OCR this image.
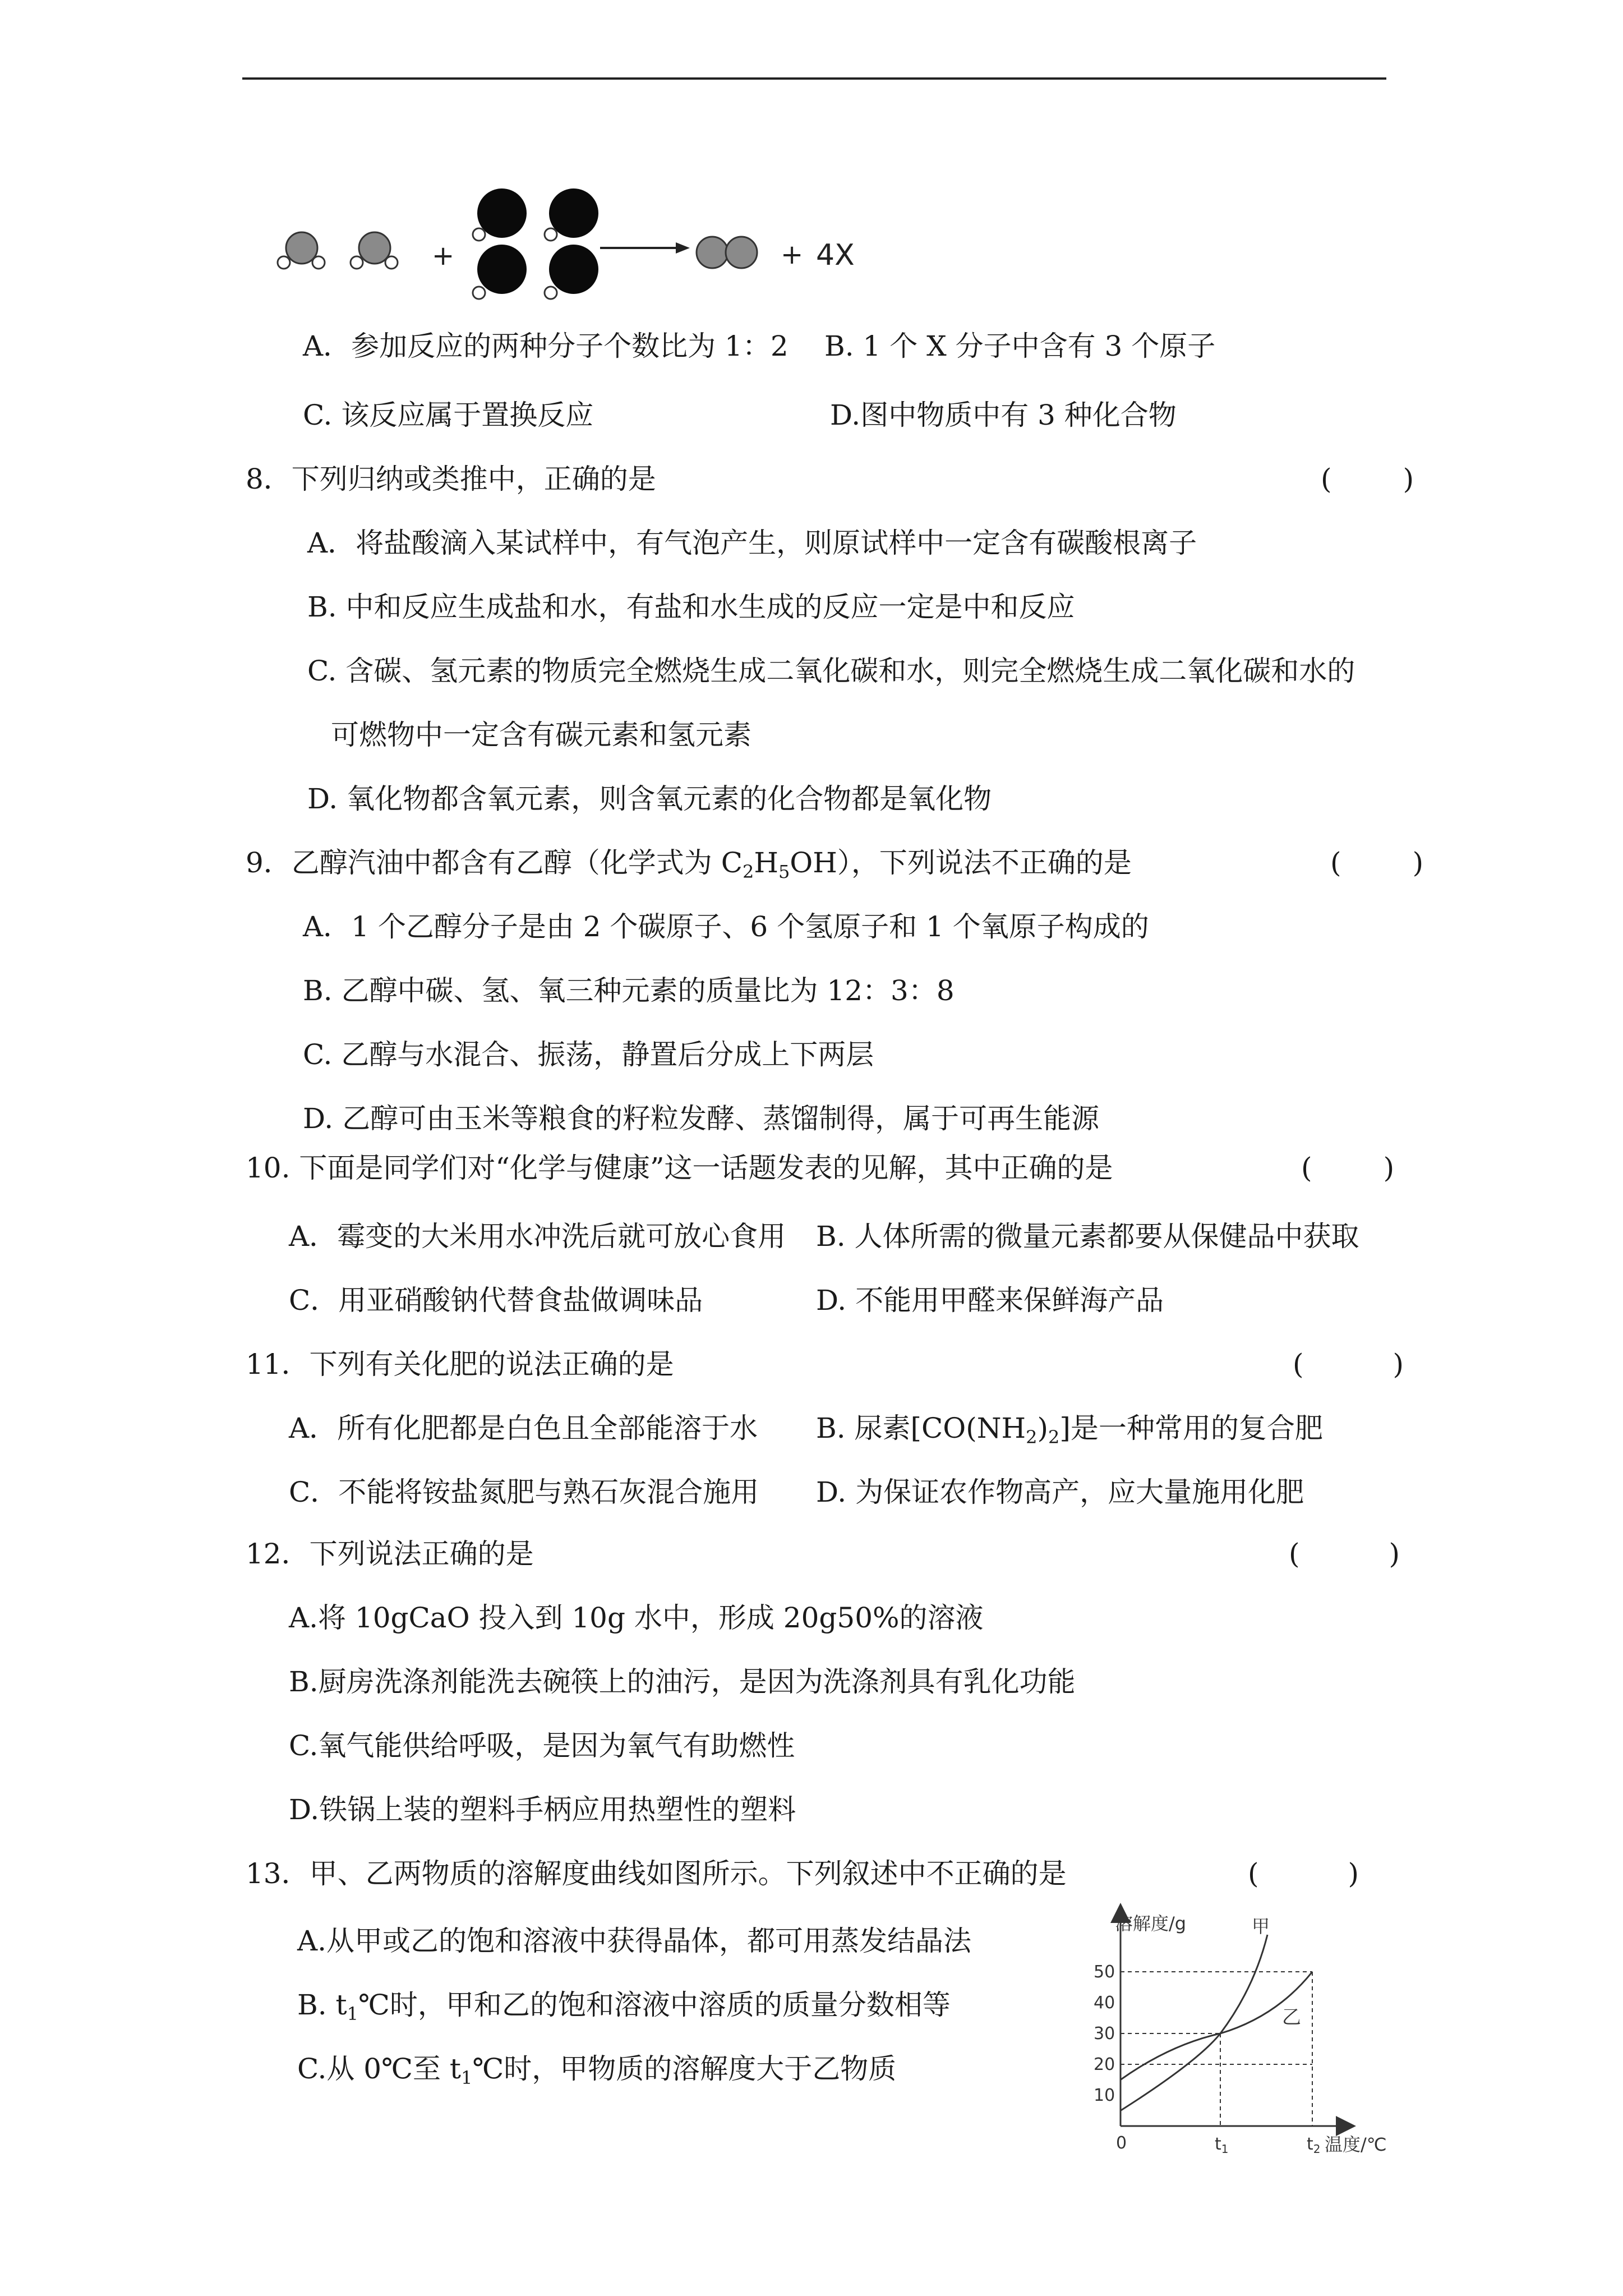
+	+ 4X
A．参加反应的两种分子个数比为 1：2 B. 1 个 X 分子中含有 3 个原子
C. 该反应属于置换反应	D.图中物质中有 3 种化合物
8．下列归纳或类推中，正确的是	(        )
A．将盐酸滴入某试样中，有气泡产生，则原试样中一定含有碳酸根离子
B. 中和反应生成盐和水，有盐和水生成的反应一定是中和反应
C. 含碳、氢元素的物质完全燃烧生成二氧化碳和水，则完全燃烧生成二氧化碳和水的
可燃物中一定含有碳元素和氢元素
D. 氧化物都含氧元素，则含氧元素的化合物都是氧化物
9．乙醇汽油中都含有乙醇（化学式为 $C_2H_5OH$），下列说法不正确的是	(        )
A．1 个乙醇分子是由 2 个碳原子、6 个氢原子和 1 个氧原子构成的
B. 乙醇中碳、氢、氧三种元素的质量比为 12：3：8
C. 乙醇与水混合、振荡，静置后分成上下两层
D. 乙醇可由玉米等粮食的籽粒发酵、蒸馏制得，属于可再生能源
10. 下面是同学们对“化学与健康”这一话题发表的见解，其中正确的是	(        )
A．霉变的大米用水冲洗后就可放心食用 B. 人体所需的微量元素都要从保健品中获取
C．用亚硝酸钠代替食盐做调味品	D. 不能用甲醛来保鲜海产品
11．下列有关化肥的说法正确的是	(          )
A．所有化肥都是白色且全部能溶于水 B. 尿素$[CO(NH_2)_2]$是一种常用的复合肥
C．不能将铵盐氮肥与熟石灰混合施用 D. 为保证农作物高产，应大量施用化肥
12．下列说法正确的是	(          )
A.将 10gCaO 投入到 10g 水中，形成 20g50%的溶液
B.厨房洗涤剂能洗去碗筷上的油污，是因为洗涤剂具有乳化功能
C.氧气能供给呼吸，是因为氧气有助燃性
D.铁锅上装的塑料手柄应用热塑性的塑料
13．甲、乙两物质的溶解度曲线如图所示。下列叙述中不正确的是	(          )
A.从甲或乙的饱和溶液中获得晶体，都可用蒸发结晶法
B. $t_1℃$时，甲和乙的饱和溶液中溶质的质量分数相等
C.从 0℃至 $t_1℃$时，甲物质的溶解度大于乙物质
10
20
30
40
50
0	$t_1$	$t_2$
溶解度/g
温度/℃
甲
乙
